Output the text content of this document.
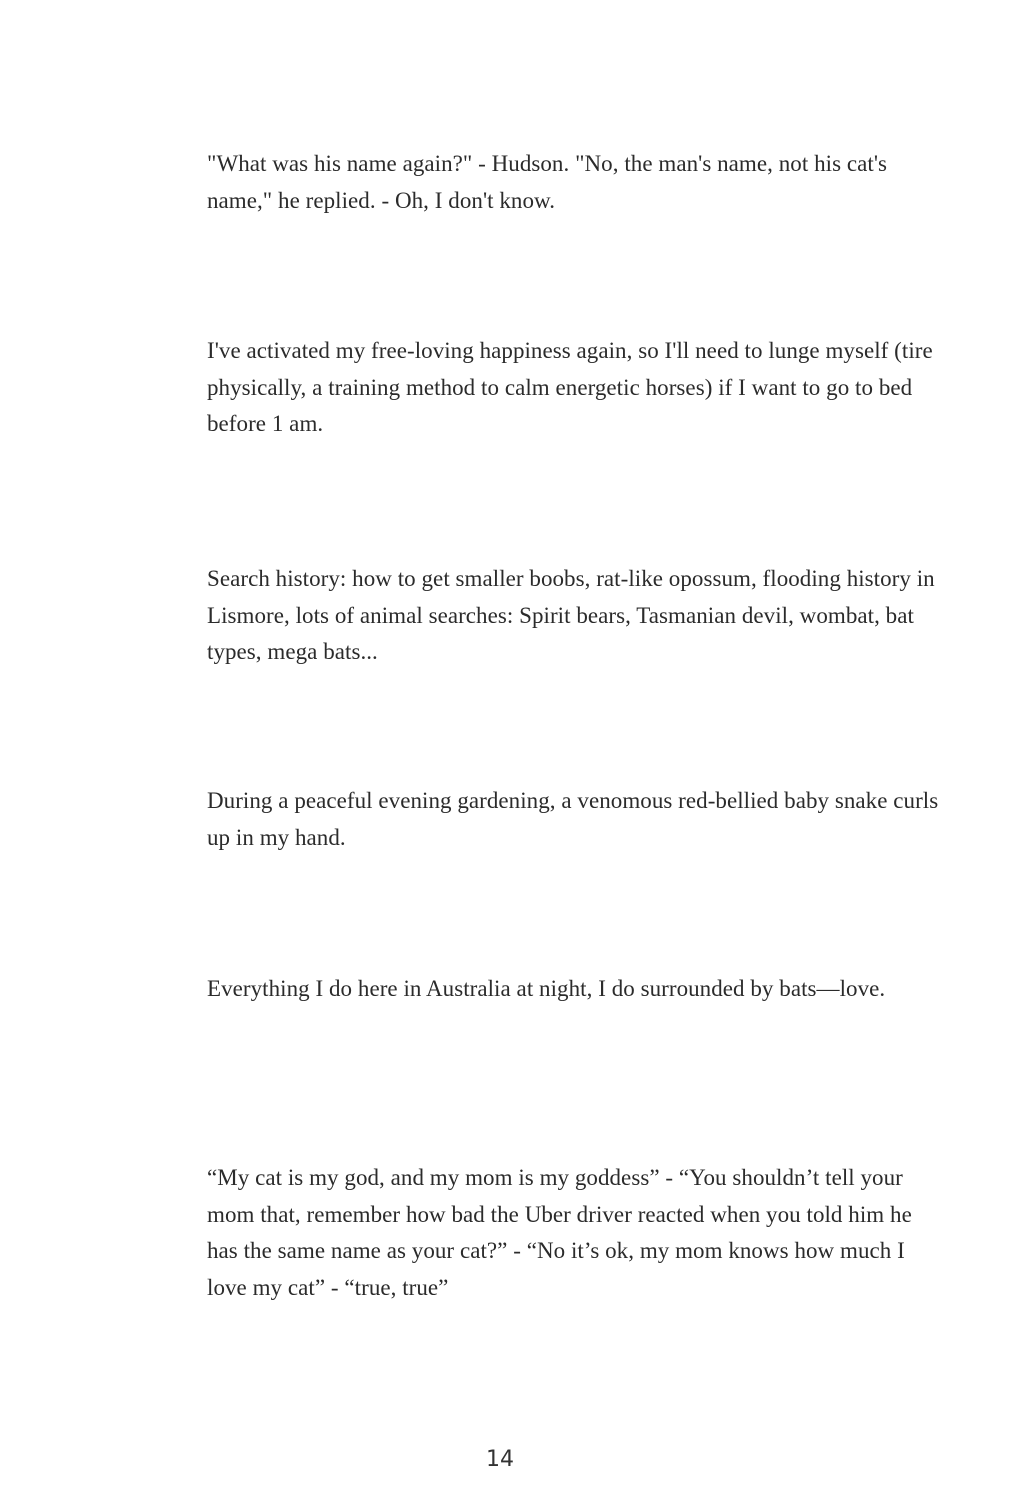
"What was his name again?" - Hudson. "No, the man's name, not his cat's name," he replied. - Oh, I don't know.

I've activated my free-loving happiness again, so I'll need to lunge myself (tire physically, a training method to calm energetic horses) if I want to go to bed before 1 am.

Search history: how to get smaller boobs, rat-like opossum, flooding history in Lismore, lots of animal searches: Spirit bears, Tasmanian devil, wombat, bat types, mega bats...

During a peaceful evening gardening, a venomous red-bellied baby snake curls up in my hand.

Everything I do here in Australia at night, I do surrounded by bats—love.

“My cat is my god, and my mom is my goddess” - “You shouldn’t tell your mom that, remember how bad the Uber driver reacted when you told him he has the same name as your cat?” - “No it’s ok, my mom knows how much I love my cat” - “true, true”

14
